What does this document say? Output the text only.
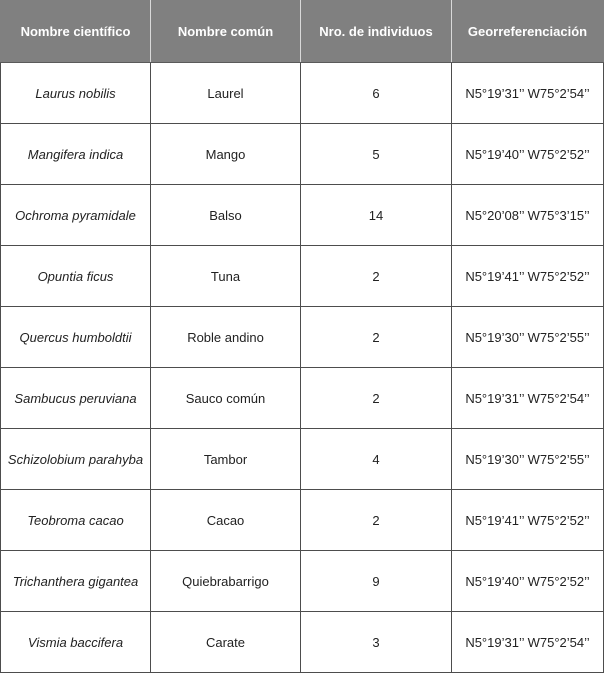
Nombre científico	Nombre común	Nro. de individuos	Georreferenciación
Laurus nobilis	Laurel	6	N5°19’31’’ W75°2’54’’
Mangifera indica	Mango	5	N5°19’40’’ W75°2’52’’
Ochroma pyramidale	Balso	14	N5°20’08’’ W75°3’15’’
Opuntia ficus	Tuna	2	N5°19’41’’ W75°2’52’’
Quercus humboldtii	Roble andino	2	N5°19’30’’ W75°2’55’’
Sambucus peruviana	Sauco común	2	N5°19’31’’ W75°2’54’’
Schizolobium parahyba	Tambor	4	N5°19’30’’ W75°2’55’’
Teobroma cacao	Cacao	2	N5°19’41’’ W75°2’52’’
Trichanthera gigantea	Quiebrabarrigo	9	N5°19’40’’ W75°2’52’’
Vismia baccifera	Carate	3	N5°19’31’’ W75°2’54’’
